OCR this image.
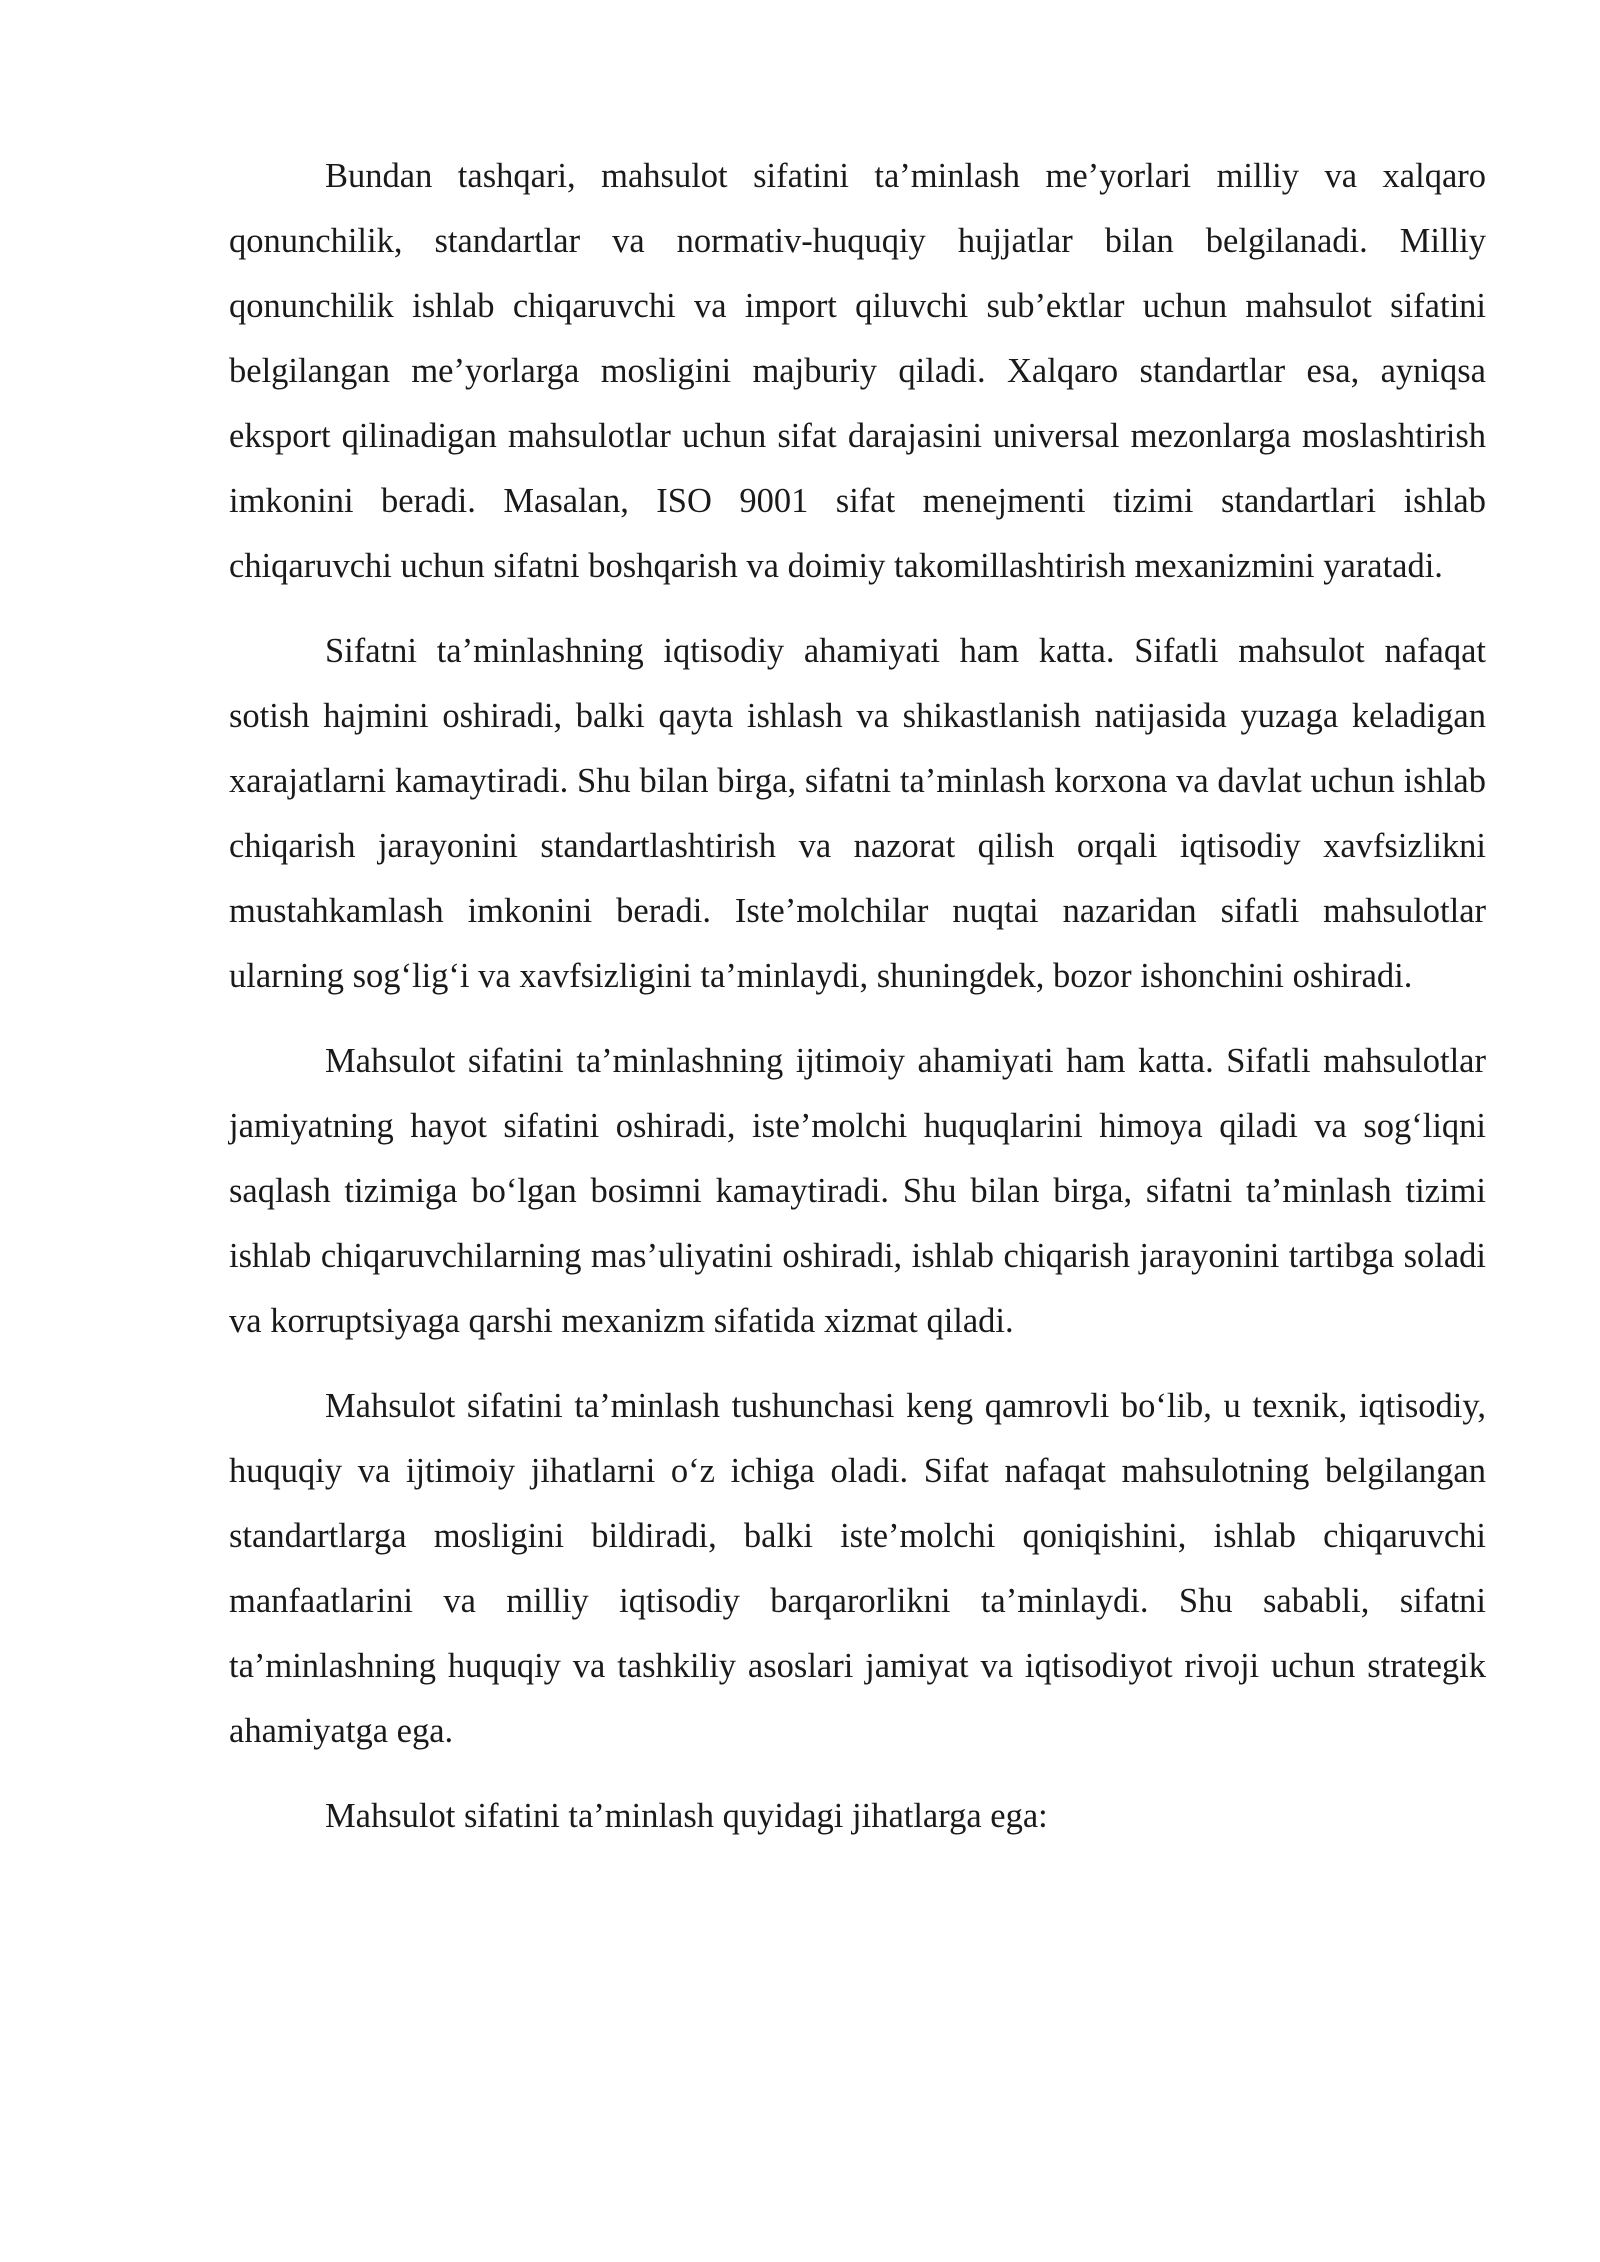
Bundan tashqari, mahsulot sifatini ta’minlash me’yorlari milliy va xalqaro qonunchilik, standartlar va normativ-huquqiy hujjatlar bilan belgilanadi. Milliy qonunchilik ishlab chiqaruvchi va import qiluvchi sub’ektlar uchun mahsulot sifatini belgilangan me’yorlarga mosligini majburiy qiladi. Xalqaro standartlar esa, ayniqsa eksport qilinadigan mahsulotlar uchun sifat darajasini universal mezonlarga moslashtirish imkonini beradi. Masalan, ISO 9001 sifat menejmenti tizimi standartlari ishlab chiqaruvchi uchun sifatni boshqarish va doimiy takomillashtirish mexanizmini yaratadi.

Sifatni ta’minlashning iqtisodiy ahamiyati ham katta. Sifatli mahsulot nafaqat sotish hajmini oshiradi, balki qayta ishlash va shikastlanish natijasida yuzaga keladigan xarajatlarni kamaytiradi. Shu bilan birga, sifatni ta’minlash korxona va davlat uchun ishlab chiqarish jarayonini standartlashtirish va nazorat qilish orqali iqtisodiy xavfsizlikni mustahkamlash imkonini beradi. Iste’molchilar nuqtai nazaridan sifatli mahsulotlar ularning sog‘lig‘i va xavfsizligini ta’minlaydi, shuningdek, bozor ishonchini oshiradi.

Mahsulot sifatini ta’minlashning ijtimoiy ahamiyati ham katta. Sifatli mahsulotlar jamiyatning hayot sifatini oshiradi, iste’molchi huquqlarini himoya qiladi va sog‘liqni saqlash tizimiga bo‘lgan bosimni kamaytiradi. Shu bilan birga, sifatni ta’minlash tizimi ishlab chiqaruvchilarning mas’uliyatini oshiradi, ishlab chiqarish jarayonini tartibga soladi va korruptsiyaga qarshi mexanizm sifatida xizmat qiladi.

Mahsulot sifatini ta’minlash tushunchasi keng qamrovli bo‘lib, u texnik, iqtisodiy, huquqiy va ijtimoiy jihatlarni o‘z ichiga oladi. Sifat nafaqat mahsulotning belgilangan standartlarga mosligini bildiradi, balki iste’molchi qoniqishini, ishlab chiqaruvchi manfaatlarini va milliy iqtisodiy barqarorlikni ta’minlaydi. Shu sababli, sifatni ta’minlashning huquqiy va tashkiliy asoslari jamiyat va iqtisodiyot rivoji uchun strategik ahamiyatga ega.

Mahsulot sifatini ta’minlash quyidagi jihatlarga ega:
